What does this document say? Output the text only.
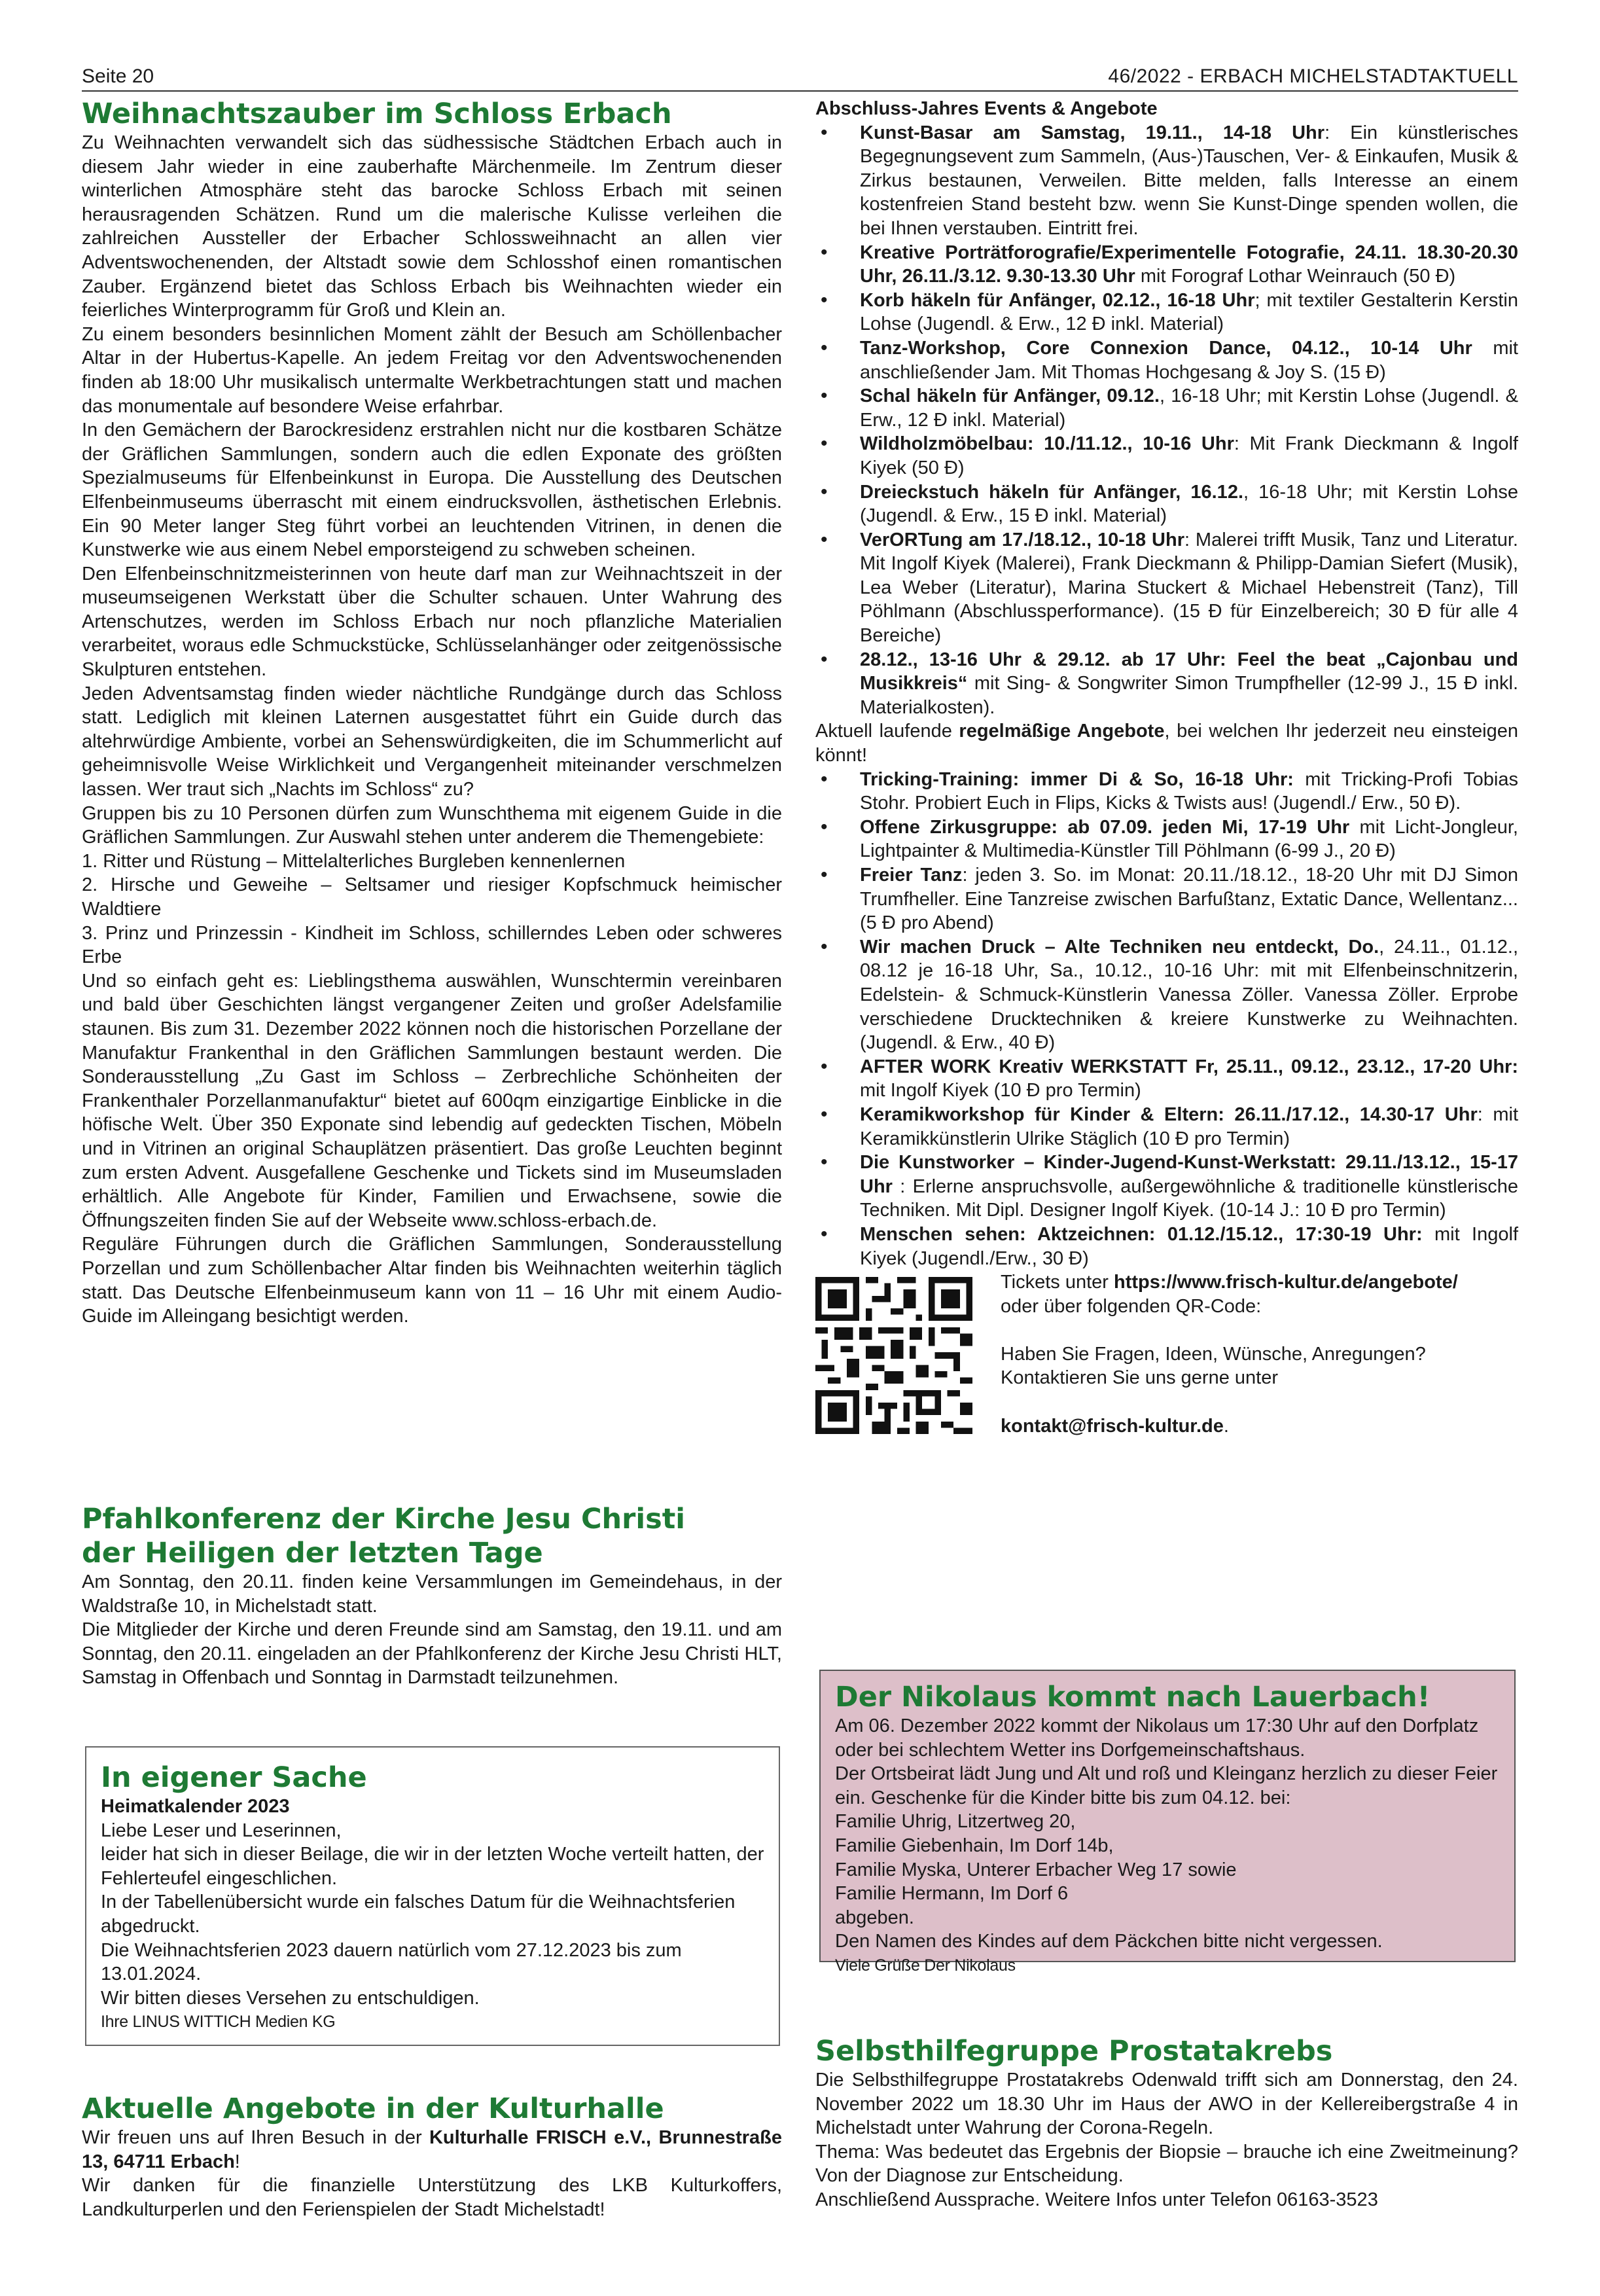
Seite 20	46/2022 - ERBACH MICHELSTADTAKTUELL
Weihnachtszauber im Schloss Erbach
Zu Weihnachten verwandelt sich das südhessische Städtchen Erbach auch in diesem Jahr wieder in eine zauberhafte Märchenmeile. Im Zentrum dieser winterlichen Atmosphäre steht das barocke Schloss Erbach mit seinen herausragenden Schätzen. Rund um die malerische Kulisse verleihen die zahlreichen Aussteller der Erbacher Schlossweihnacht an allen vier Adventswochenenden, der Altstadt sowie dem Schlosshof einen romantischen Zauber. Ergänzend bietet das Schloss Erbach bis Weihnachten wieder ein feierliches Winterprogramm für Groß und Klein an.
Zu einem besonders besinnlichen Moment zählt der Besuch am Schöllenbacher Altar in der Hubertus-Kapelle. An jedem Freitag vor den Adventswochenenden finden ab 18:00 Uhr musikalisch untermalte Werkbetrachtungen statt und machen das monumentale auf besondere Weise erfahrbar.
In den Gemächern der Barockresidenz erstrahlen nicht nur die kostbaren Schätze der Gräflichen Sammlungen, sondern auch die edlen Exponate des größten Spezialmuseums für Elfenbeinkunst in Europa. Die Ausstellung des Deutschen Elfenbeinmuseums überrascht mit einem eindrucksvollen, ästhetischen Erlebnis. Ein 90 Meter langer Steg führt vorbei an leuchtenden Vitrinen, in denen die Kunstwerke wie aus einem Nebel emporsteigend zu schweben scheinen.
Den Elfenbeinschnitzmeisterinnen von heute darf man zur Weihnachtszeit in der museumseigenen Werkstatt über die Schulter schauen. Unter Wahrung des Artenschutzes, werden im Schloss Erbach nur noch pflanzliche Materialien verarbeitet, woraus edle Schmuckstücke, Schlüsselanhänger oder zeitgenössische Skulpturen entstehen.
Jeden Adventsamstag finden wieder nächtliche Rundgänge durch das Schloss statt. Lediglich mit kleinen Laternen ausgestattet führt ein Guide durch das altehrwürdige Ambiente, vorbei an Sehenswürdigkeiten, die im Schummerlicht auf geheimnisvolle Weise Wirklichkeit und Vergangenheit miteinander verschmelzen lassen. Wer traut sich „Nachts im Schloss“ zu?
Gruppen bis zu 10 Personen dürfen zum Wunschthema mit eigenem Guide in die Gräflichen Sammlungen. Zur Auswahl stehen unter anderem die Themengebiete:
1. Ritter und Rüstung – Mittelalterliches Burgleben kennenlernen
2. Hirsche und Geweihe – Seltsamer und riesiger Kopfschmuck heimischer Waldtiere
3. Prinz und Prinzessin - Kindheit im Schloss, schillerndes Leben oder schweres Erbe
Und so einfach geht es: Lieblingsthema auswählen, Wunschtermin vereinbaren und bald über Geschichten längst vergangener Zeiten und großer Adelsfamilie staunen. Bis zum 31. Dezember 2022 können noch die historischen Porzellane der Manufaktur Frankenthal in den Gräflichen Sammlungen bestaunt werden. Die Sonderausstellung „Zu Gast im Schloss – Zerbrechliche Schönheiten der Frankenthaler Porzellanmanufaktur“ bietet auf 600qm einzigartige Einblicke in die höfische Welt. Über 350 Exponate sind lebendig auf gedeckten Tischen, Möbeln und in Vitrinen an original Schauplätzen präsentiert. Das große Leuchten beginnt zum ersten Advent. Ausgefallene Geschenke und Tickets sind im Museumsladen erhältlich. Alle Angebote für Kinder, Familien und Erwachsene, sowie die Öffnungszeiten finden Sie auf der Webseite www.schloss-erbach.de.
Reguläre Führungen durch die Gräflichen Sammlungen, Sonderausstellung Porzellan und zum Schöllenbacher Altar finden bis Weihnachten weiterhin täglich statt. Das Deutsche Elfenbeinmuseum kann von 11 – 16 Uhr mit einem Audio-Guide im Alleingang besichtigt werden.
Pfahlkonferenz der Kirche Jesu Christi
der Heiligen der letzten Tage
Am Sonntag, den 20.11. finden keine Versammlungen im Gemeindehaus, in der Waldstraße 10, in Michelstadt statt.
Die Mitglieder der Kirche und deren Freunde sind am Samstag, den 19.11. und am Sonntag, den 20.11. eingeladen an der Pfahlkonferenz der Kirche Jesu Christi HLT, Samstag in Offenbach und Sonntag in Darmstadt teilzunehmen.
In eigener Sache
Heimatkalender 2023
Liebe Leser und Leserinnen,
leider hat sich in dieser Beilage, die wir in der letzten Woche verteilt hatten, der Fehlerteufel eingeschlichen.
In der Tabellenübersicht wurde ein falsches Datum für die Weihnachtsferien abgedruckt.
Die Weihnachtsferien 2023 dauern natürlich vom 27.12.2023 bis zum 13.01.2024.
Wir bitten dieses Versehen zu entschuldigen.
Ihre LINUS WITTICH Medien KG
Aktuelle Angebote in der Kulturhalle
Wir freuen uns auf Ihren Besuch in der Kulturhalle FRISCH e.V., Brunnestraße 13, 64711 Erbach!
Wir danken für die finanzielle Unterstützung des LKB Kulturkoffers, Landkulturperlen und den Ferienspielen der Stadt Michelstadt!
Abschluss-Jahres Events & Angebote
• Kunst-Basar am Samstag, 19.11., 14-18 Uhr: Ein künstlerisches Begegnungsevent zum Sammeln, (Aus-)Tauschen, Ver- & Einkaufen, Musik & Zirkus bestaunen, Verweilen. Bitte melden, falls Interesse an einem kostenfreien Stand besteht bzw. wenn Sie Kunst-Dinge spenden wollen, die bei Ihnen verstauben. Eintritt frei.
• Kreative Porträtforografie/Experimentelle Fotografie, 24.11. 18.30-20.30 Uhr, 26.11./3.12. 9.30-13.30 Uhr mit Forograf Lothar Weinrauch (50 Ð)
• Korb häkeln für Anfänger, 02.12., 16-18 Uhr; mit textiler Gestalterin Kerstin Lohse (Jugendl. & Erw., 12 Ð inkl. Material)
• Tanz-Workshop, Core Connexion Dance, 04.12., 10-14 Uhr mit anschließender Jam. Mit Thomas Hochgesang & Joy S. (15 Ð)
• Schal häkeln für Anfänger, 09.12., 16-18 Uhr; mit Kerstin Lohse (Jugendl. & Erw., 12 Ð inkl. Material)
• Wildholzmöbelbau: 10./11.12., 10-16 Uhr: Mit Frank Dieckmann & Ingolf Kiyek (50 Ð)
• Dreieckstuch häkeln für Anfänger, 16.12., 16-18 Uhr; mit Kerstin Lohse (Jugendl. & Erw., 15 Ð inkl. Material)
• VerORTung am 17./18.12., 10-18 Uhr: Malerei trifft Musik, Tanz und Literatur. Mit Ingolf Kiyek (Malerei), Frank Dieckmann & Philipp-Damian Siefert (Musik), Lea Weber (Literatur), Marina Stuckert & Michael Hebenstreit (Tanz), Till Pöhlmann (Abschlussperformance). (15 Ð für Einzelbereich; 30 Ð für alle 4 Bereiche)
• 28.12., 13-16 Uhr & 29.12. ab 17 Uhr: Feel the beat „Cajonbau und Musikkreis“ mit Sing- & Songwriter Simon Trumpfheller (12-99 J., 15 Ð inkl. Materialkosten).
Aktuell laufende regelmäßige Angebote, bei welchen Ihr jederzeit neu einsteigen könnt!
• Tricking-Training: immer Di & So, 16-18 Uhr: mit Tricking-Profi Tobias Stohr. Probiert Euch in Flips, Kicks & Twists aus! (Jugendl./ Erw., 50 Ð).
• Offene Zirkusgruppe: ab 07.09. jeden Mi, 17-19 Uhr mit Licht-Jongleur, Lightpainter & Multimedia-Künstler Till Pöhlmann (6-99 J., 20 Ð)
• Freier Tanz: jeden 3. So. im Monat: 20.11./18.12., 18-20 Uhr mit DJ Simon Trumfheller. Eine Tanzreise zwischen Barfußtanz, Extatic Dance, Wellentanz... (5 Ð pro Abend)
• Wir machen Druck – Alte Techniken neu entdeckt, Do., 24.11., 01.12., 08.12 je 16-18 Uhr, Sa., 10.12., 10-16 Uhr: mit mit Elfenbeinschnitzerin, Edelstein- & Schmuck-Künstlerin Vanessa Zöller. Vanessa Zöller. Erprobe verschiedene Drucktechniken & kreiere Kunstwerke zu Weihnachten. (Jugendl. & Erw., 40 Ð)
• AFTER WORK Kreativ WERKSTATT Fr, 25.11., 09.12., 23.12., 17-20 Uhr: mit Ingolf Kiyek (10 Ð pro Termin)
• Keramikworkshop für Kinder & Eltern: 26.11./17.12., 14.30-17 Uhr: mit Keramikkünstlerin Ulrike Stäglich (10 Ð pro Termin)
• Die Kunstworker – Kinder-Jugend-Kunst-Werkstatt: 29.11./13.12., 15-17 Uhr : Erlerne anspruchsvolle, außergewöhnliche & traditionelle künstlerische Techniken. Mit Dipl. Designer Ingolf Kiyek. (10-14 J.: 10 Ð pro Termin)
• Menschen sehen: Aktzeichnen: 01.12./15.12., 17:30-19 Uhr: mit Ingolf Kiyek (Jugendl./Erw., 30 Ð)
Tickets unter https://www.frisch-kultur.de/angebote/
oder über folgenden QR-Code:
Haben Sie Fragen, Ideen, Wünsche, Anregungen? Kontaktieren Sie uns gerne unter
kontakt@frisch-kultur.de.
Der Nikolaus kommt nach Lauerbach!
Am 06. Dezember 2022 kommt der Nikolaus um 17:30 Uhr auf den Dorfplatz oder bei schlechtem Wetter ins Dorfgemeinschaftshaus.
Der Ortsbeirat lädt Jung und Alt und roß und Kleinganz herzlich zu dieser Feier ein. Geschenke für die Kinder bitte bis zum 04.12. bei:
Familie Uhrig, Litzertweg 20,
Familie Giebenhain, Im Dorf 14b,
Familie Myska, Unterer Erbacher Weg 17 sowie
Familie Hermann, Im Dorf 6
abgeben.
Den Namen des Kindes auf dem Päckchen bitte nicht vergessen.
Viele Grüße Der Nikolaus
Selbsthilfegruppe Prostatakrebs
Die Selbsthilfegruppe Prostatakrebs Odenwald trifft sich am Donnerstag, den 24. November 2022 um 18.30 Uhr im Haus der AWO in der Kellereibergstraße 4 in Michelstadt unter Wahrung der Corona-Regeln.
Thema: Was bedeutet das Ergebnis der Biopsie – brauche ich eine Zweitmeinung? Von der Diagnose zur Entscheidung.
Anschließend Aussprache. Weitere Infos unter Telefon 06163-3523
